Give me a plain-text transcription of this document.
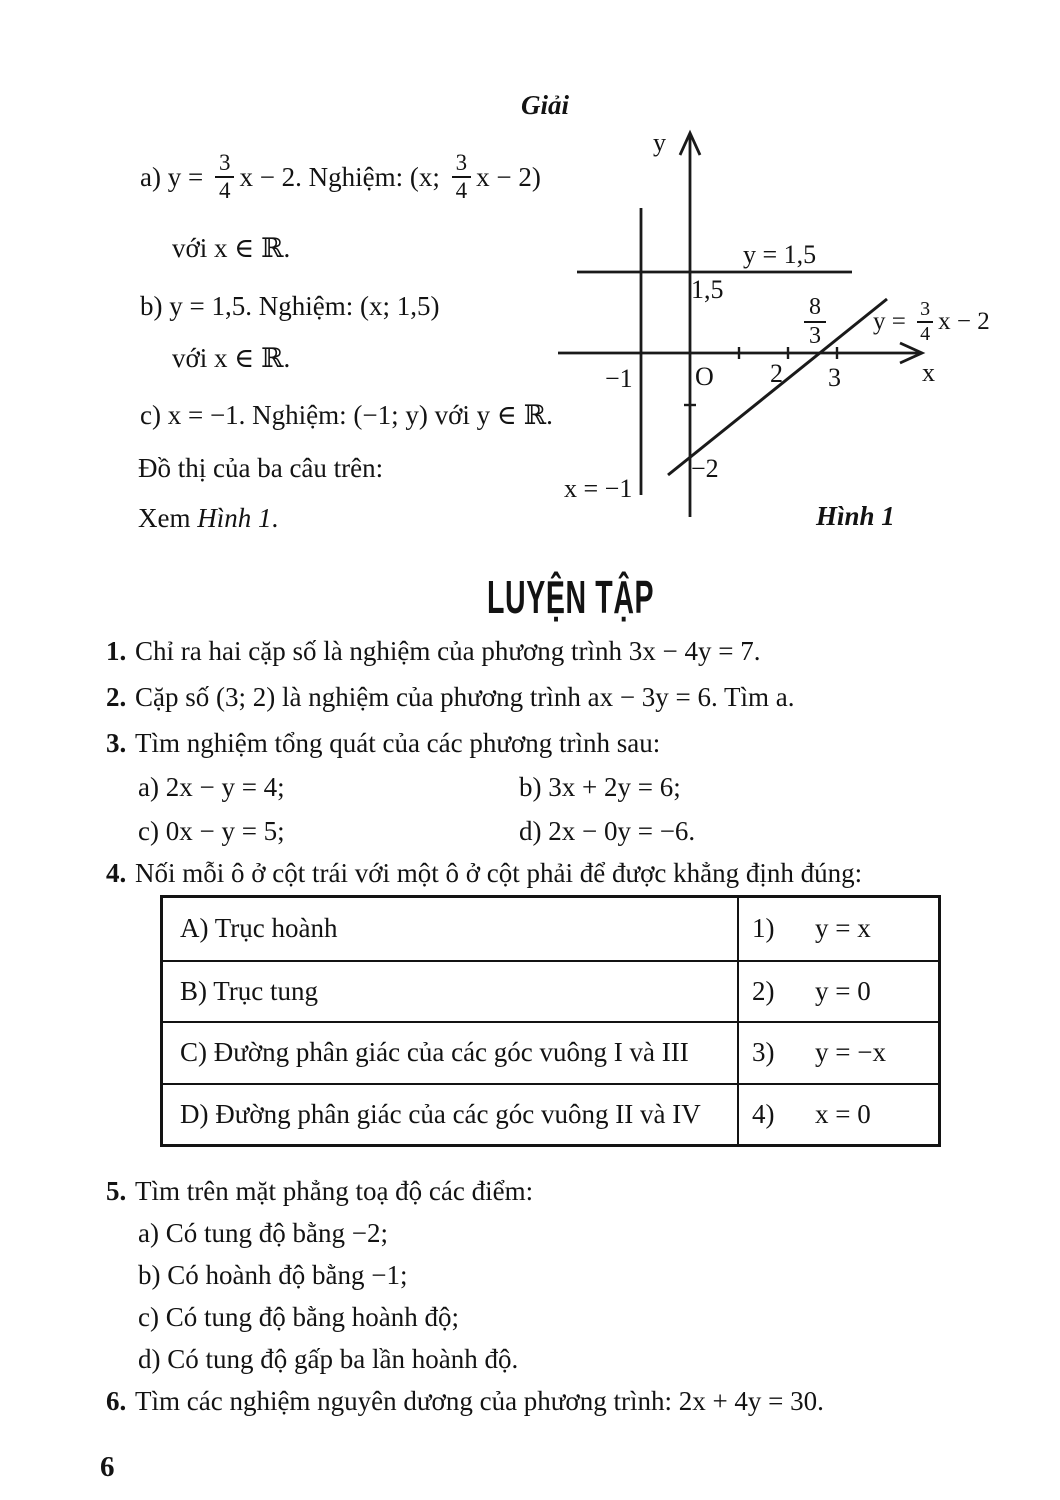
Giải
a) $y = \frac{3}{4}$ x − 2. Nghiệm: (x; $\frac{3}{4}$ x − 2)
với x ∈ ℝ.
b) y = 1,5. Nghiệm: (x; 1,5)
với x ∈ ℝ.
c) x = −1. Nghiệm: (−1; y) với y ∈ ℝ.
Đồ thị của ba câu trên:
Xem Hình 1.
y
x
O
−1	2 3
1,5
y = 1,5
$\frac{8}{3}$ $y = \frac{3}{4}$ x − 2
−2
x = −1
Hình 1
LUYỆN TẬP
1. Chỉ ra hai cặp số là nghiệm của phương trình 3x − 4y = 7.
2. Cặp số (3; 2) là nghiệm của phương trình ax − 3y = 6. Tìm a.
3. Tìm nghiệm tổng quát của các phương trình sau:
a) 2x − y = 4;	b) 3x + 2y = 6;
c) 0x − y = 5;	d) 2x − 0y = −6.
4. Nối mỗi ô ở cột trái với một ô ở cột phải để được khẳng định đúng:
A) Trục hoành	1)	y = x
B) Trục tung	2)	y = 0
C) Đường phân giác của các góc vuông I và III	3)	y = −x
D) Đường phân giác của các góc vuông II và IV	4)	x = 0
5. Tìm trên mặt phẳng toạ độ các điểm:
a) Có tung độ bằng −2;
b) Có hoành độ bằng −1;
c) Có tung độ bằng hoành độ;
d) Có tung độ gấp ba lần hoành độ.
6. Tìm các nghiệm nguyên dương của phương trình: 2x + 4y = 30.
6
